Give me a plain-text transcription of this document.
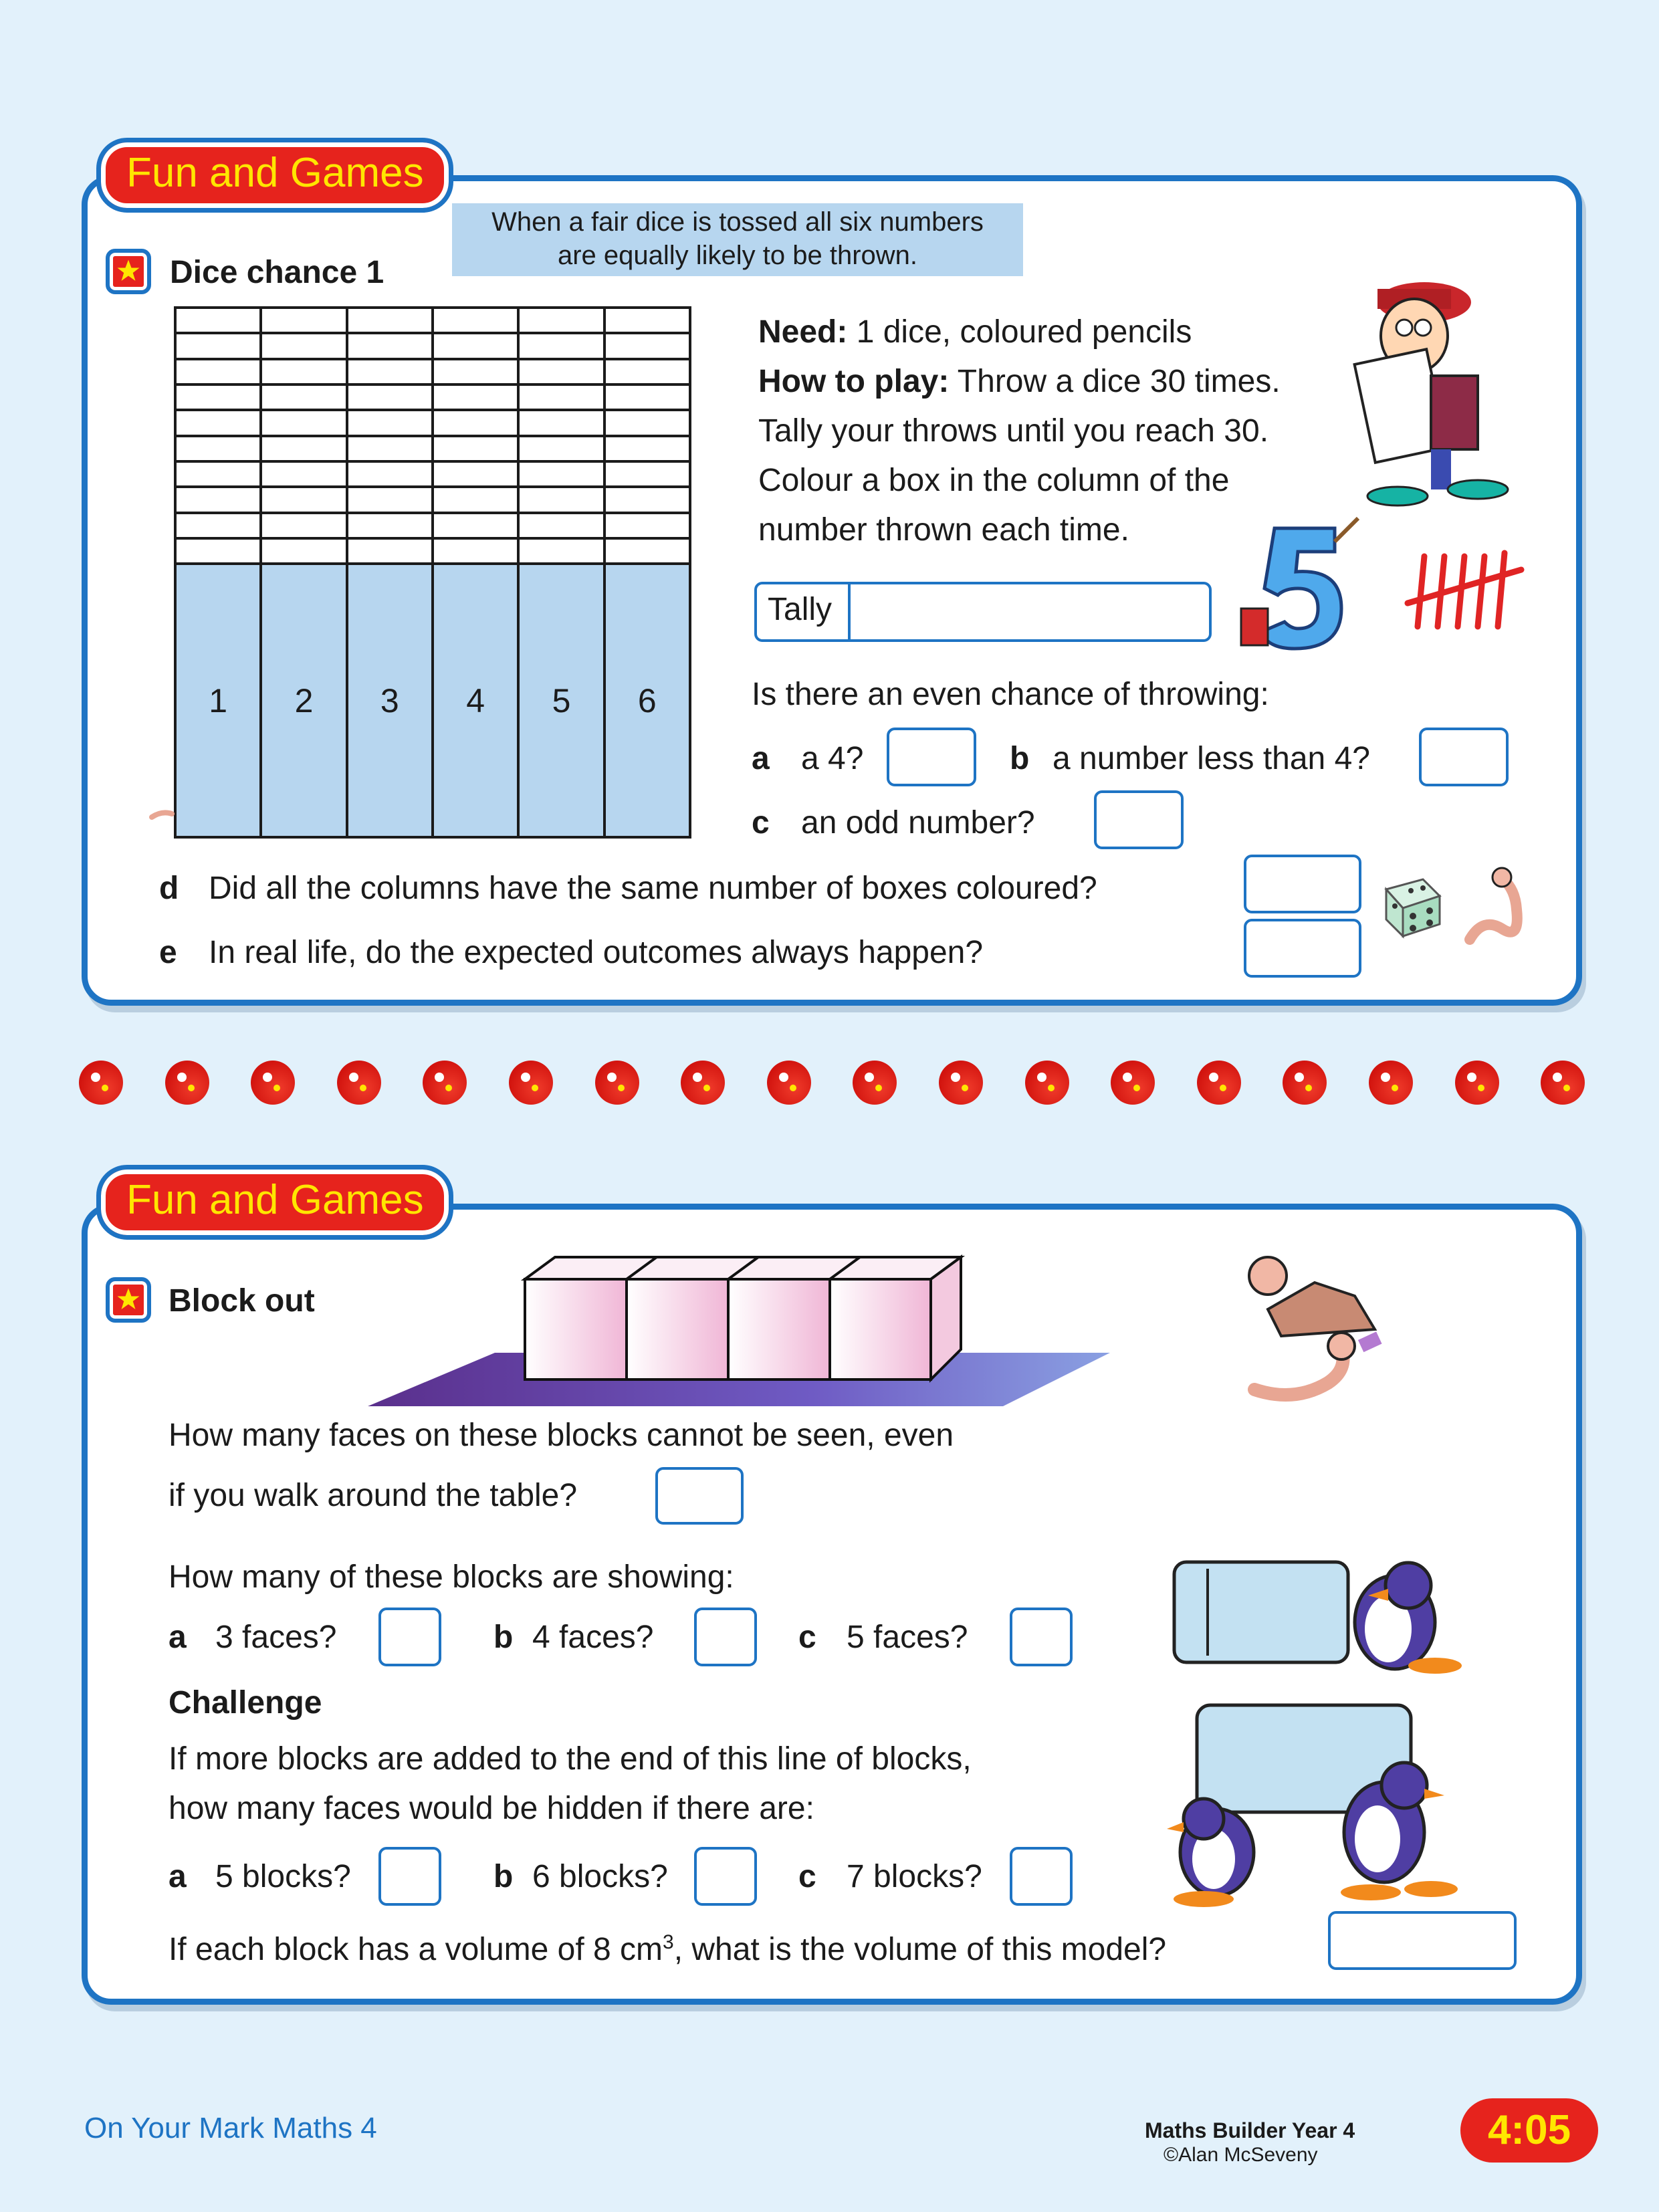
Fun and Games
When a fair dice is tossed all six numbers
are equally likely to be thrown.
Dice chance 1

1	2	3	4	5	6
Need: 1 dice, coloured pencils
How to play: Throw a dice 30 times.
Tally your throws until you reach 30.
Colour a box in the column of the
number thrown each time.
Tally
Is there an even chance of throwing:
a a 4?	b a number less than 4?
c an odd number?
d Did all the columns have the same number of boxes coloured?
e In real life, do the expected outcomes always happen?
Fun and Games
Block out
How many faces on these blocks cannot be seen, even
if you walk around the table?
How many of these blocks are showing:
a 3 faces?	b 4 faces?	c 5 faces?
Challenge
If more blocks are added to the end of this line of blocks,
how many faces would be hidden if there are:
a 5 blocks?	b 6 blocks?	c 7 blocks?
If each block has a volume of 8 $cm^3$, what is the volume of this model?
On Your Mark Maths 4	Maths Builder Year 4
©Alan McSeveny
4:05
